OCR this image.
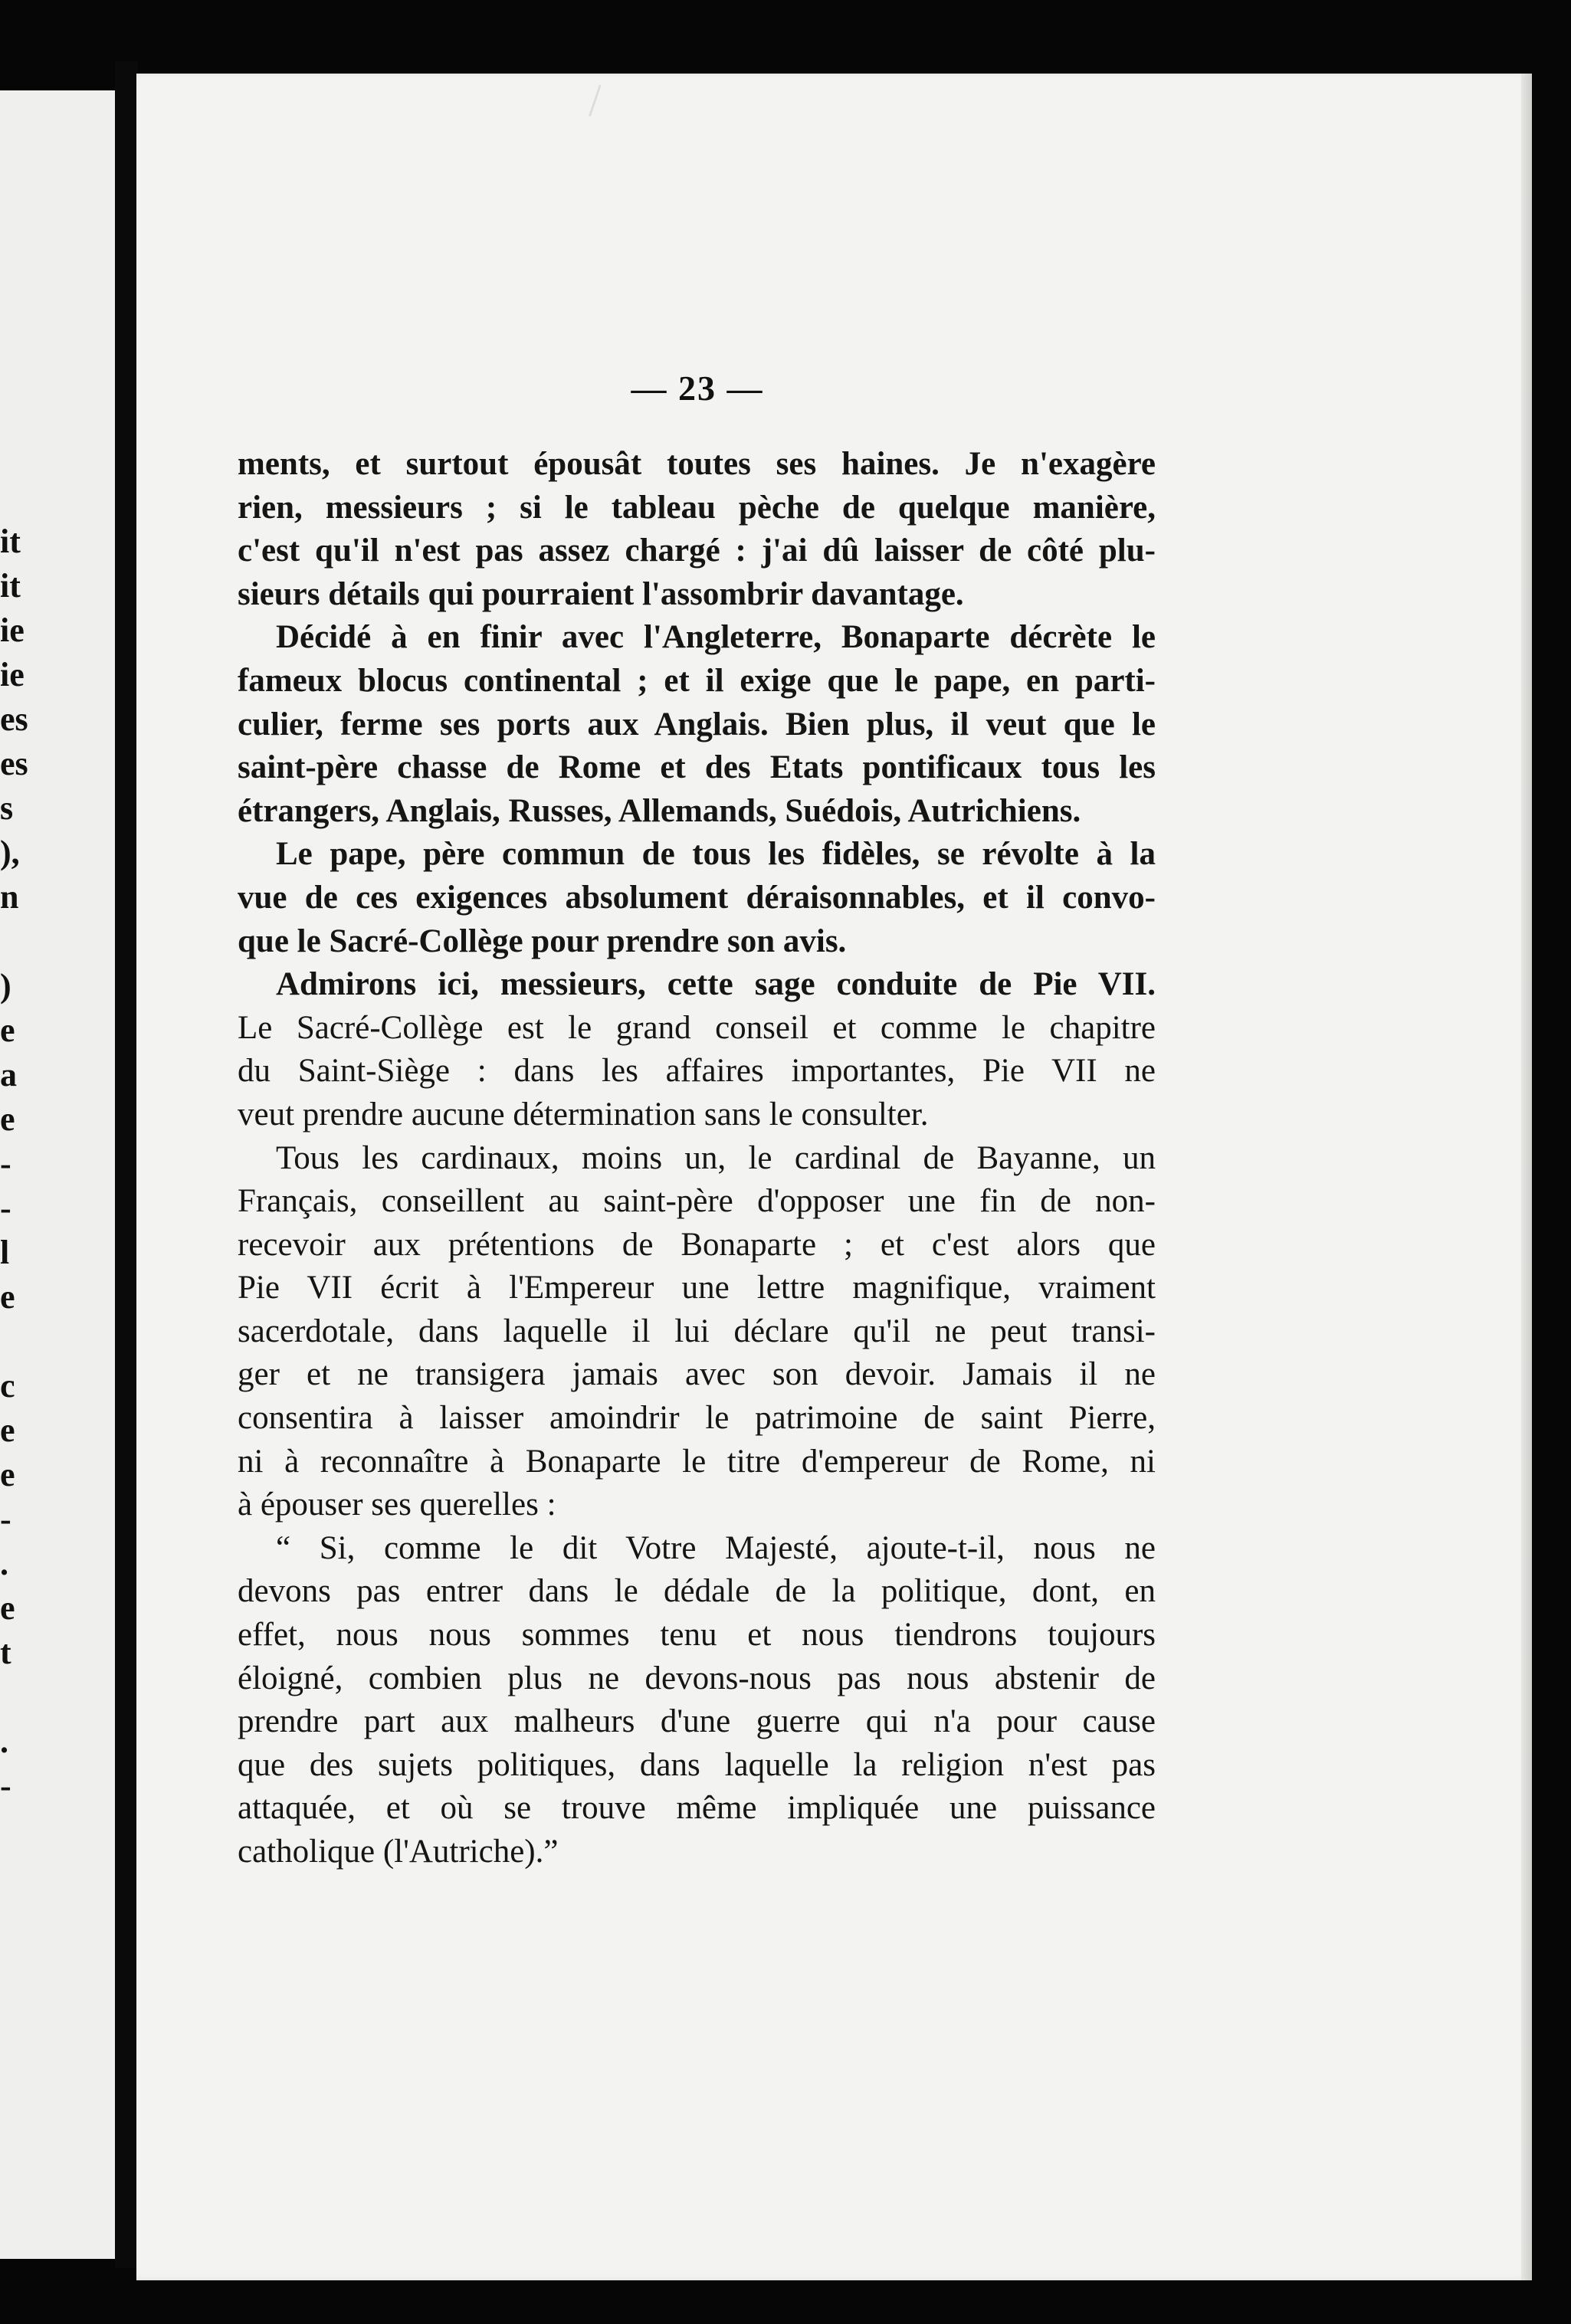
it
it
ie
ie
es
es
s
),
n
)
e
a
e
-
-
l
e
c
e
e
-
.
e
t
.
-
/
— 23 —
ments, et surtout épousât toutes ses haines. Je n'exagère
rien, messieurs ; si le tableau pèche de quelque manière,
c'est qu'il n'est pas assez chargé : j'ai dû laisser de côté plu-
sieurs détails qui pourraient l'assombrir davantage.
Décidé à en finir avec l'Angleterre, Bonaparte décrète le
fameux blocus continental ; et il exige que le pape, en parti-
culier, ferme ses ports aux Anglais. Bien plus, il veut que le
saint-père chasse de Rome et des Etats pontificaux tous les
étrangers, Anglais, Russes, Allemands, Suédois, Autrichiens.
Le pape, père commun de tous les fidèles, se révolte à la
vue de ces exigences absolument déraisonnables, et il convo-
que le Sacré-Collège pour prendre son avis.
Admirons ici, messieurs, cette sage conduite de Pie VII.
Le Sacré-Collège est le grand conseil et comme le chapitre
du Saint-Siège : dans les affaires importantes, Pie VII ne
veut prendre aucune détermination sans le consulter.
Tous les cardinaux, moins un, le cardinal de Bayanne, un
Français, conseillent au saint-père d'opposer une fin de non-
recevoir aux prétentions de Bonaparte ; et c'est alors que
Pie VII écrit à l'Empereur une lettre magnifique, vraiment
sacerdotale, dans laquelle il lui déclare qu'il ne peut transi-
ger et ne transigera jamais avec son devoir. Jamais il ne
consentira à laisser amoindrir le patrimoine de saint Pierre,
ni à reconnaître à Bonaparte le titre d'empereur de Rome, ni
à épouser ses querelles :
“ Si, comme le dit Votre Majesté, ajoute-t-il, nous ne
devons pas entrer dans le dédale de la politique, dont, en
effet, nous nous sommes tenu et nous tiendrons toujours
éloigné, combien plus ne devons-nous pas nous abstenir de
prendre part aux malheurs d'une guerre qui n'a pour cause
que des sujets politiques, dans laquelle la religion n'est pas
attaquée, et où se trouve même impliquée une puissance
catholique (l'Autriche).”
